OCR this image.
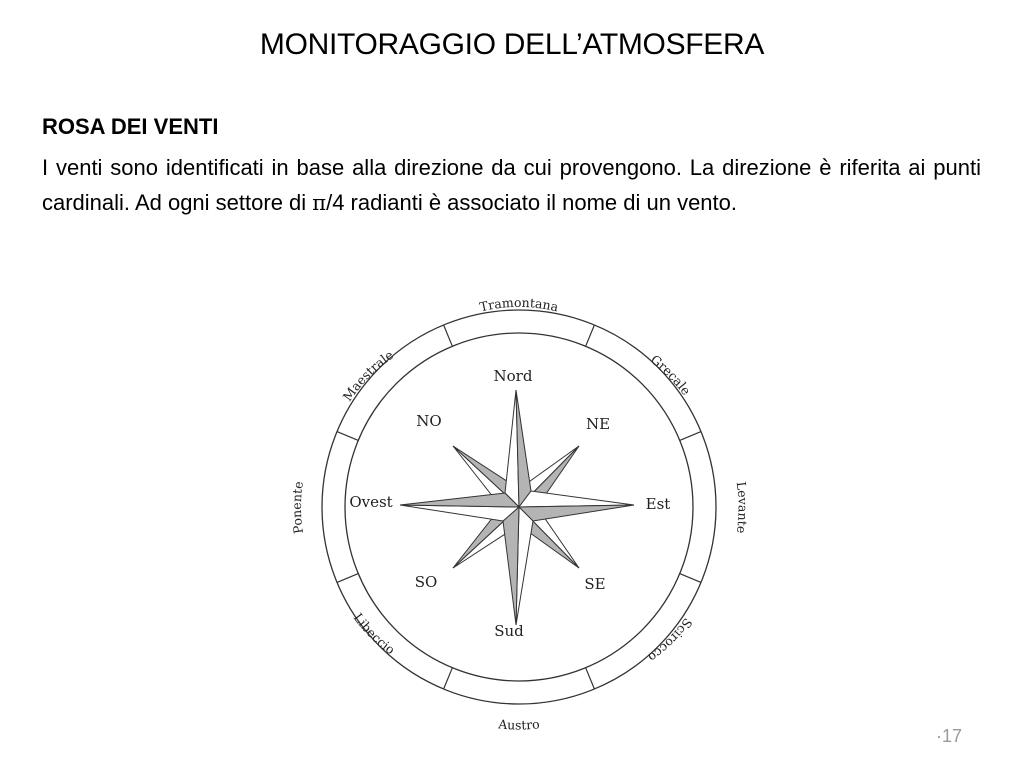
MONITORAGGIO DELL’ATMOSFERA
ROSA DEI VENTI

I venti sono identificati in base alla direzione da cui provengono. La direzione è riferita ai punti cardinali. Ad ogni settore di π/4 radianti è associato il nome di un vento.

Tramontana
Grecale
Levante
Scirocco
Austro
Libeccio
Ponente
Maestrale
Nord
Est
Sud
Ovest
NE
SE
SO
NO
·17
